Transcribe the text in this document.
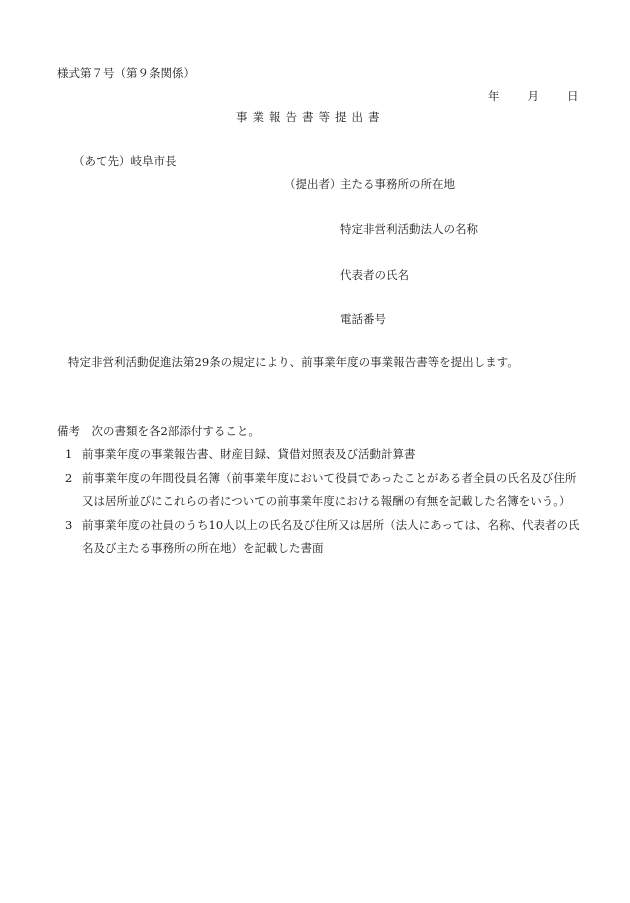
様式第７号（第９条関係）
年 月 日
事業報告書等提出書
（あて先）岐阜市長
（提出者）
主たる事務所の所在地
特定非営利活動法人の名称
代表者の氏名
電話番号
特定非営利活動促進法第29条の規定により、前事業年度の事業報告書等を提出します。
備考　次の書類を各2部添付すること。
1 前事業年度の事業報告書、財産目録、貸借対照表及び活動計算書
2 前事業年度の年間役員名簿（前事業年度において役員であったことがある者全員の氏名及び住所又は居所並びにこれらの者についての前事業年度における報酬の有無を記載した名簿をいう。）
3 前事業年度の社員のうち10人以上の氏名及び住所又は居所（法人にあっては、名称、代表者の氏名及び主たる事務所の所在地）を記載した書面
